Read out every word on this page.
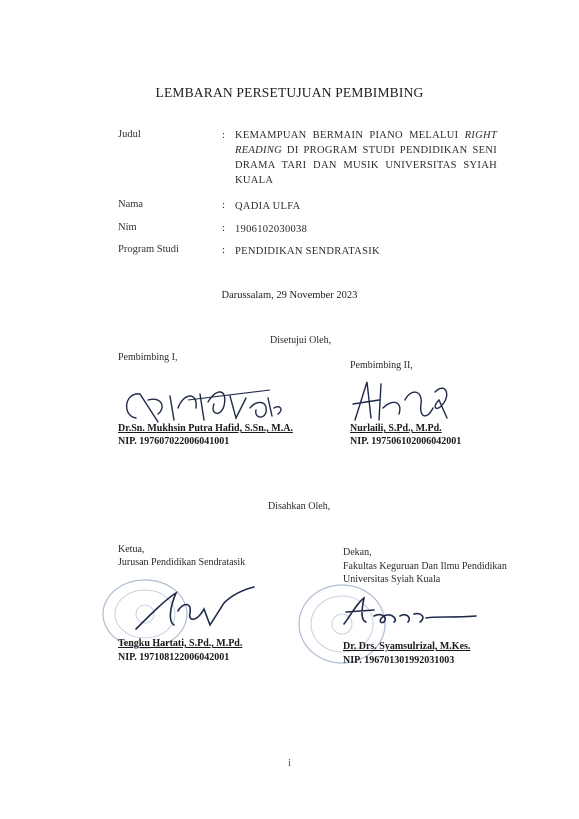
LEMBARAN PERSETUJUAN PEMBIMBING
Judul	: KEMAMPUAN BERMAIN PIANO MELALUI RIGHT
READING DI PROGRAM STUDI PENDIDIKAN SENI
DRAMA TARI DAN MUSIK UNIVERSITAS SYIAH
KUALA
Nama	: QADIA ULFA
Nim	: 1906102030038
Program Studi	: PENDIDIKAN SENDRATASIK
Darussalam, 29 November 2023
Disetujui Oleh,
Pembimbing I,
Pembimbing II,
Dr.Sn. Mukhsin Putra Hafid, S.Sn., M.A.
NIP. 197607022006041001
Nurlaili, S.Pd., M.Pd.
NIP. 197506102006042001
Disahkan Oleh,
Ketua,
Jurusan Pendidikan Sendratasik
Dekan,
Fakultas Keguruan Dan Ilmu Pendidikan
Universitas Syiah Kuala
Tengku Hartati, S.Pd., M.Pd.
NIP. 197108122006042001
Dr. Drs. Syamsulrizal, M.Kes.
NIP. 196701301992031003
i
